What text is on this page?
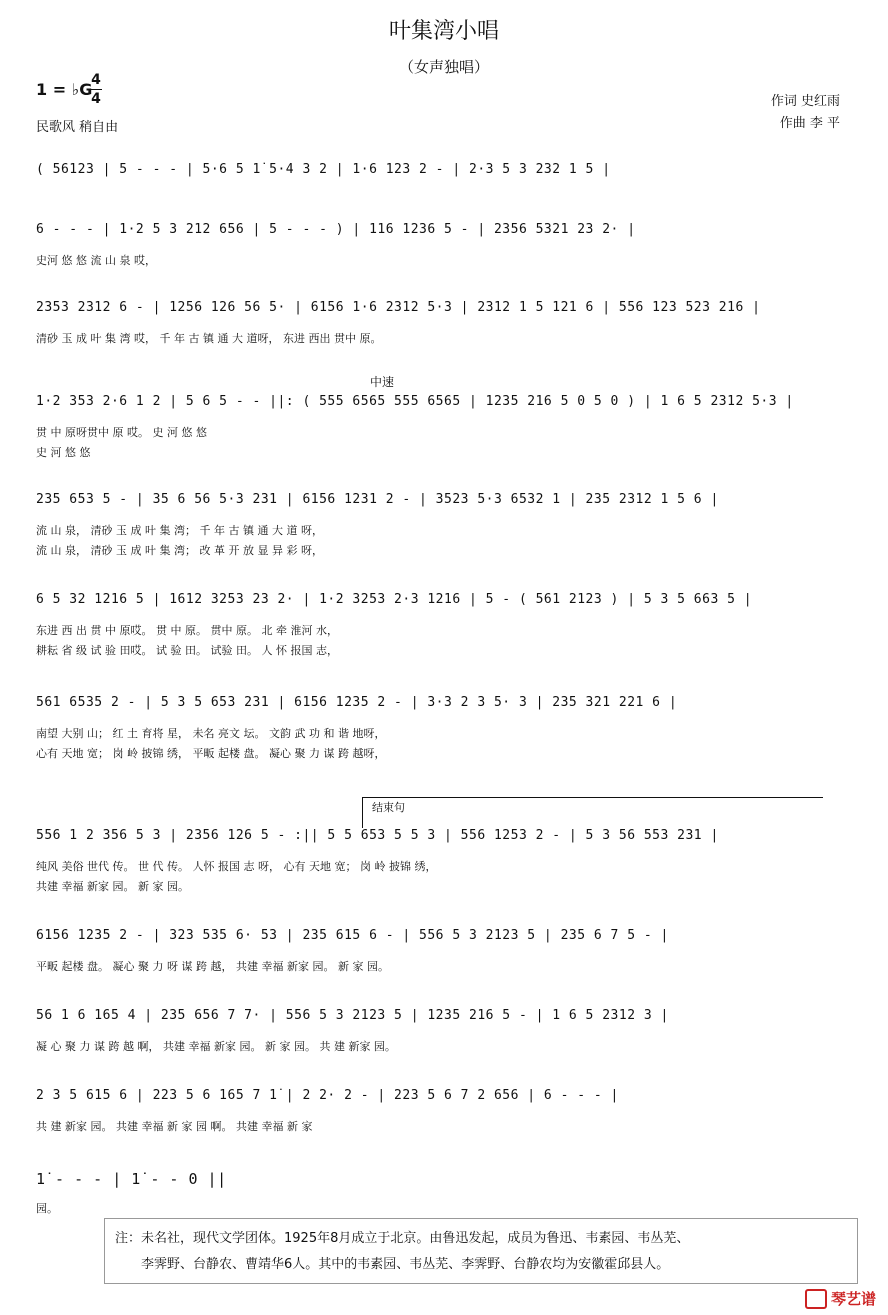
叶集湾小唱
（女声独唱）
1 = ♭G
4
4
民歌风 稍自由
作词 史红雨
作曲 李 平
( 56123 | 5 - - - | 5·6 5 1̇ 5·4 3 2 | 1·6 123 2 - | 2·3 5 3 232 1 5 |
6 - - - | 1·2 5 3 212 656 | 5 - - - ) | 116 1236 5 - | 2356 5321 23 2· |
史河 悠 悠 流 山 泉 哎，
2353 2312 6 - | 1256 126 56 5· | 6156 1·6 2312 5·3 | 2312 1 5 121 6 | 556 123 523 216 |
清砂 玉 成 叶 集 湾 哎， 千 年 古 镇 通 大 道呀， 东进 西出 贯中 原。
1·2 353 2·6 1 2 | 5 6 5 - - ||: ( 555 6565 555 6565 | 1235 216 5 0 5 0 ) | 1 6 5 2312 5·3 |
贯 中 原呀贯中 原 哎。 史 河 悠 悠
史 河 悠 悠
235 653 5 - | 35 6 56 5·3 231 | 6156 1231 2 - | 3523 5·3 6532 1 | 235 2312 1 5 6 |
流 山 泉， 清砂 玉 成 叶 集 湾； 千 年 古 镇 通 大 道 呀，
流 山 泉， 清砂 玉 成 叶 集 湾； 改 革 开 放 显 异 彩 呀，
6 5 32 1216 5 | 1612 3253 23 2· | 1·2 3253 2·3 1216 | 5 - ( 561 2123 ) | 5 3 5 663 5 |
东进 西 出 贯 中 原哎。 贯 中 原。 贯中 原。 北 牵 淮河 水，
耕耘 省 级 试 验 田哎。 试 验 田。 试验 田。 人 怀 报国 志，
561 6535 2 - | 5 3 5 653 231 | 6156 1235 2 - | 3·3 2 3 5· 3 | 235 321 221 6 |
南望 大别 山； 红 土 育将 星， 未名 亮文 坛。 文韵 武 功 和 谐 地呀，
心有 天地 宽； 岗 岭 披锦 绣， 平畈 起楼 盘。 凝心 聚 力 谋 跨 越呀，
556 1 2 356 5 3 | 2356 126 5 - :|| 5 5 653 5 5 3 | 556 1253 2 - | 5 3 56 553 231 |
纯风 美俗 世代 传。 世 代 传。 人怀 报国 志 呀， 心有 天地 宽； 岗 岭 披锦 绣，
共建 幸福 新家 园。 新 家 园。
6156 1235 2 - | 323 535 6· 53 | 235 615 6 - | 556 5 3 2123 5 | 235 6 7 5 - |
平畈 起楼 盘。 凝心 聚 力 呀 谋 跨 越， 共建 幸福 新家 园。 新 家 园。
56 1 6 165 4 | 235 656 7 7· | 556 5 3 2123 5 | 1235 216 5 - | 1 6 5 2312 3 |
凝 心 聚 力 谋 跨 越 啊， 共建 幸福 新家 园。 新 家 园。 共 建 新家 园。
2 3 5 615 6 | 223 5 6 165 7 1̇ | 2 2· 2 - | 223 5 6 7 2 656 | 6 - - - |
共 建 新家 园。 共建 幸福 新 家 园 啊。 共建 幸福 新 家
1̇ - - - | 1̇ - - 0 ||
园。
中速
结束句
注：未名社，现代文学团体。1925年8月成立于北京。由鲁迅发起，成员为鲁迅、韦素园、韦丛芜、
李霁野、台静农、曹靖华6人。其中的韦素园、韦丛芜、李霁野、台静农均为安徽霍邱县人。
琴艺谱
